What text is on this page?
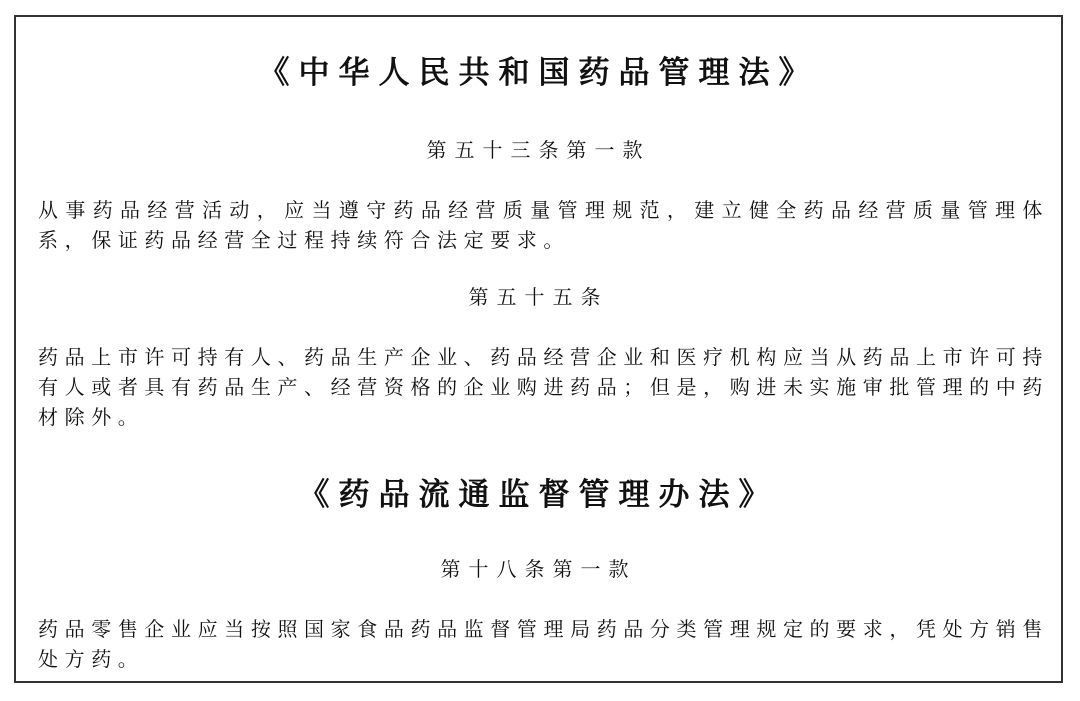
《中华人民共和国药品管理法》
第五十三条第一款

从事药品经营活动，应当遵守药品经营质量管理规范，建立健全药品经营质量管理体系，保证药品经营全过程持续符合法定要求。

第五十五条

药品上市许可持有人、药品生产企业、药品经营企业和医疗机构应当从药品上市许可持有人或者具有药品生产、经营资格的企业购进药品；但是，购进未实施审批管理的中药材除外。

《药品流通监督管理办法》
第十八条第一款

药品零售企业应当按照国家食品药品监督管理局药品分类管理规定的要求，凭处方销售处方药。
